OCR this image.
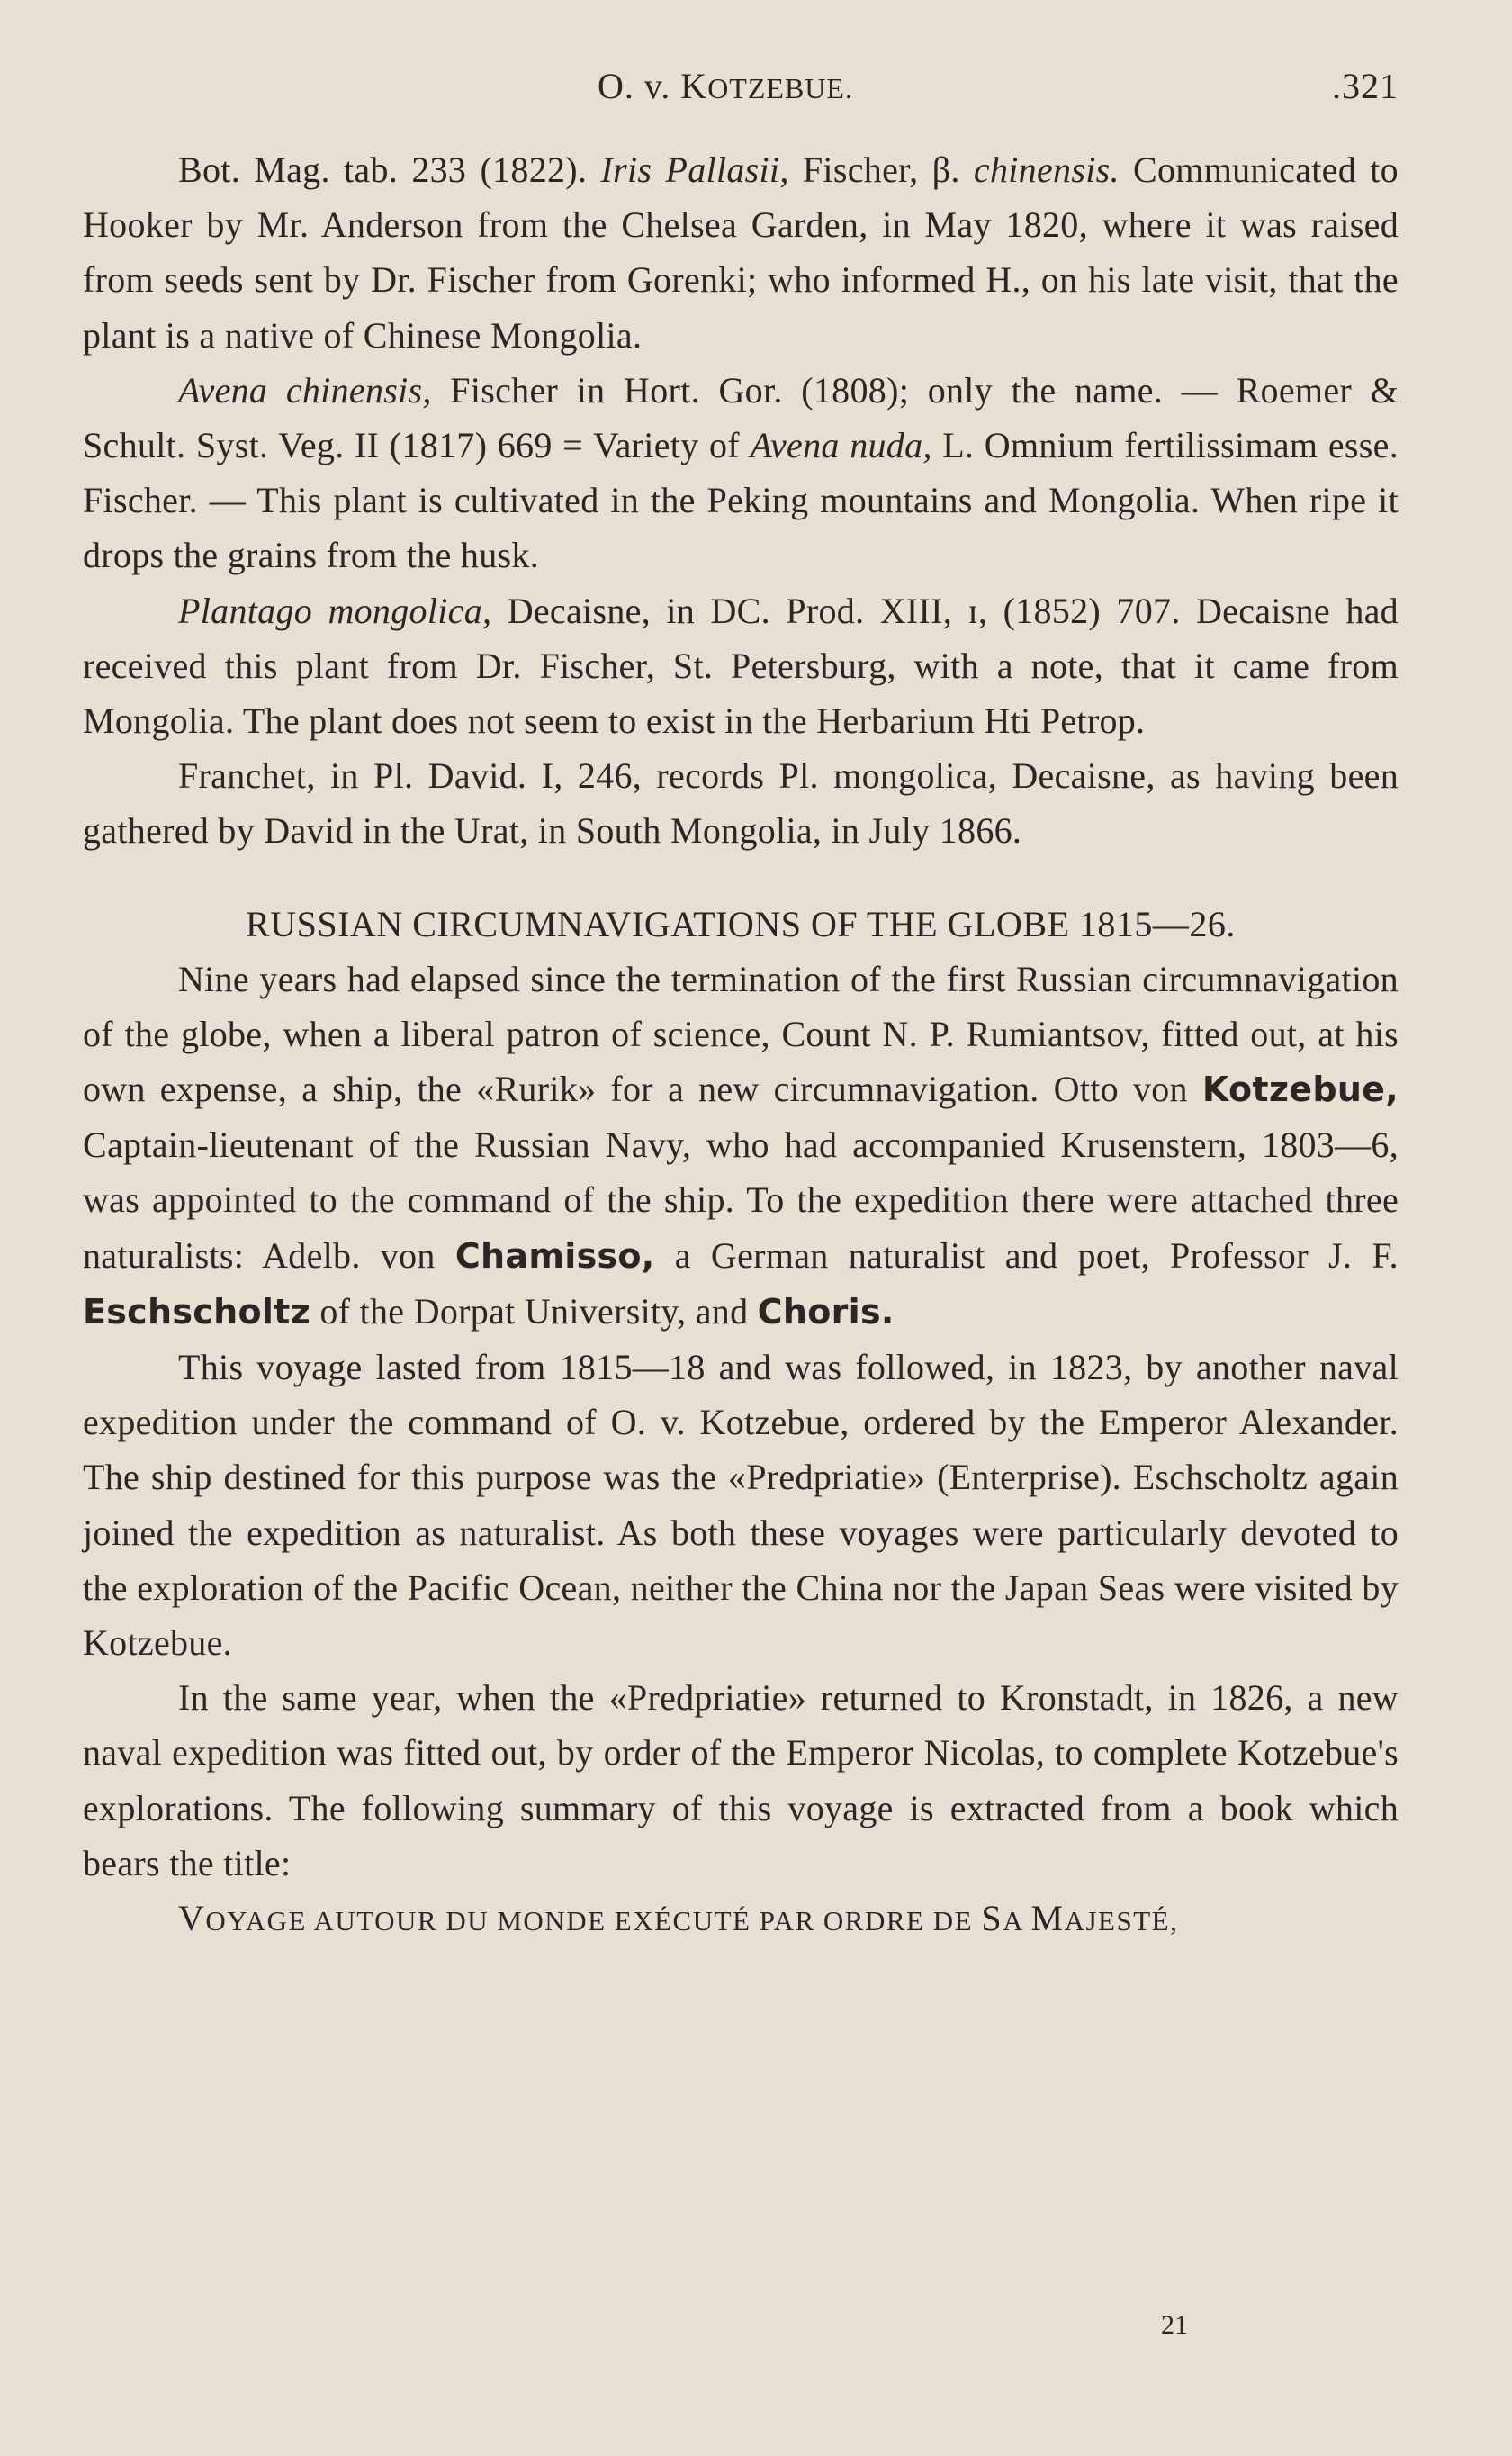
O. v. KOTZEBUE.	.321

Bot. Mag. tab. 233 (1822). Iris Pallasii, Fischer, β. chinensis. Communicated to Hooker by Mr. Anderson from the Chelsea Garden, in May 1820, where it was raised from seeds sent by Dr. Fischer from Gorenki; who informed H., on his late visit, that the plant is a native of Chinese Mongolia.

Avena chinensis, Fischer in Hort. Gor. (1808); only the name. — Roemer & Schult. Syst. Veg. II (1817) 669 = Variety of Avena nuda, L. Omnium fertilissimam esse. Fischer. — This plant is cultivated in the Peking mountains and Mongolia. When ripe it drops the grains from the husk.

Plantago mongolica, Decaisne, in DC. Prod. XIII, ɪ, (1852) 707. Decaisne had received this plant from Dr. Fischer, St. Petersburg, with a note, that it came from Mongolia. The plant does not seem to exist in the Herbarium Hti Petrop.

Franchet, in Pl. David. I, 246, records Pl. mongolica, Decaisne, as having been gathered by David in the Urat, in South Mongolia, in July 1866.

RUSSIAN CIRCUMNAVIGATIONS OF THE GLOBE 1815—26.

Nine years had elapsed since the termination of the first Russian circumnavigation of the globe, when a liberal patron of science, Count N. P. Rumiantsov, fitted out, at his own expense, a ship, the «Rurik» for a new circumnavigation. Otto von Kotzebue, Captain-lieutenant of the Russian Navy, who had accompanied Krusenstern, 1803—6, was appointed to the command of the ship. To the expedition there were attached three naturalists: Adelb. von Chamisso, a German naturalist and poet, Professor J. F. Eschscholtz of the Dorpat University, and Choris.

This voyage lasted from 1815—18 and was followed, in 1823, by another naval expedition under the command of O. v. Kotzebue, ordered by the Emperor Alexander. The ship destined for this purpose was the «Predpriatie» (Enterprise). Eschscholtz again joined the expedition as naturalist. As both these voyages were particularly devoted to the exploration of the Pacific Ocean, neither the China nor the Japan Seas were visited by Kotzebue.

In the same year, when the «Predpriatie» returned to Kronstadt, in 1826, a new naval expedition was fitted out, by order of the Emperor Nicolas, to complete Kotzebue's explorations. The following summary of this voyage is extracted from a book which bears the title:

VOYAGE AUTOUR DU MONDE EXÉCUTÉ PAR ORDRE DE SA MAJESTÉ,

21
